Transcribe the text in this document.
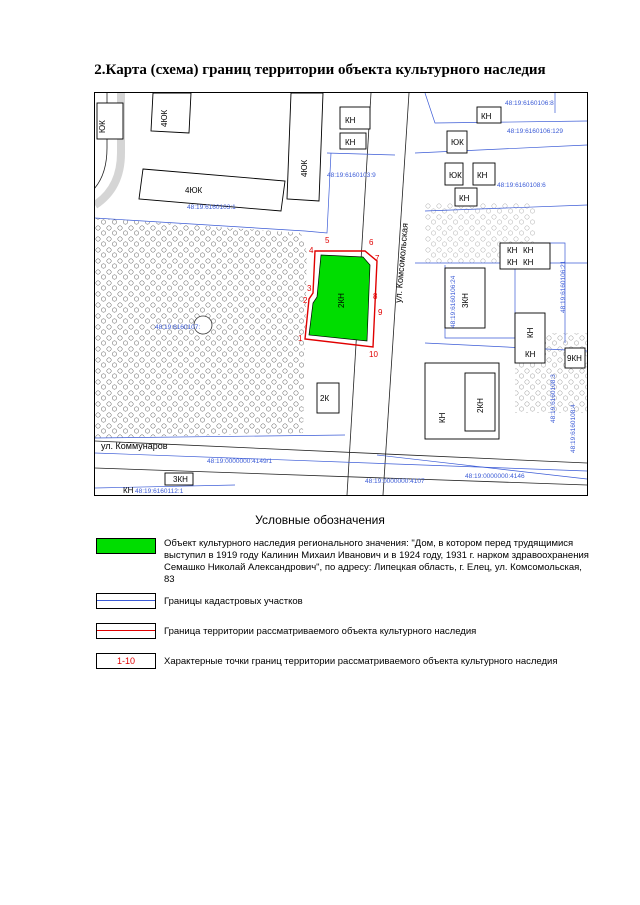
2.Карта (схема) границ территории объекта культурного наследия
1
2
3
4
5	6
7
8
9
10
ул. Комсомольская
ул. Коммунаров
4ЮК
4ЮК
4ЮК
ЮК
ЮК
ЮК
КН
КН
КН
КН
КН
КН КН
КН КН
КН
КН
КН
2КН
2КН
3КН
3КН
9КН
КН
2К
48:19:6160106:8
48:19:6160106:129
48:19:6160108:6
48:19:6160103:1
48:19:6160103:9
48:19:6160107:
48:19:0000000:4149/1
48:19:0000000:4107
48:19:0000000:4146
48:19:6160112:1
48:19:6160106:21
48:19:6160106:24
48:19:6160108:3
48:19:6160108:4
Условные обозначения
Объект культурного наследия регионального значения: "Дом, в котором перед трудящимися выступил в 1919 году Калинин Михаил Иванович и в 1924 году, 1931 г. нарком здравоохранения Семашко Николай Александрович", по адресу: Липецкая область, г. Елец, ул. Комсомольская, 83
Границы кадастровых участков
Граница территории рассматриваемого объекта культурного наследия
1-10	Характерные точки границ территории рассматриваемого объекта культурного наследия
